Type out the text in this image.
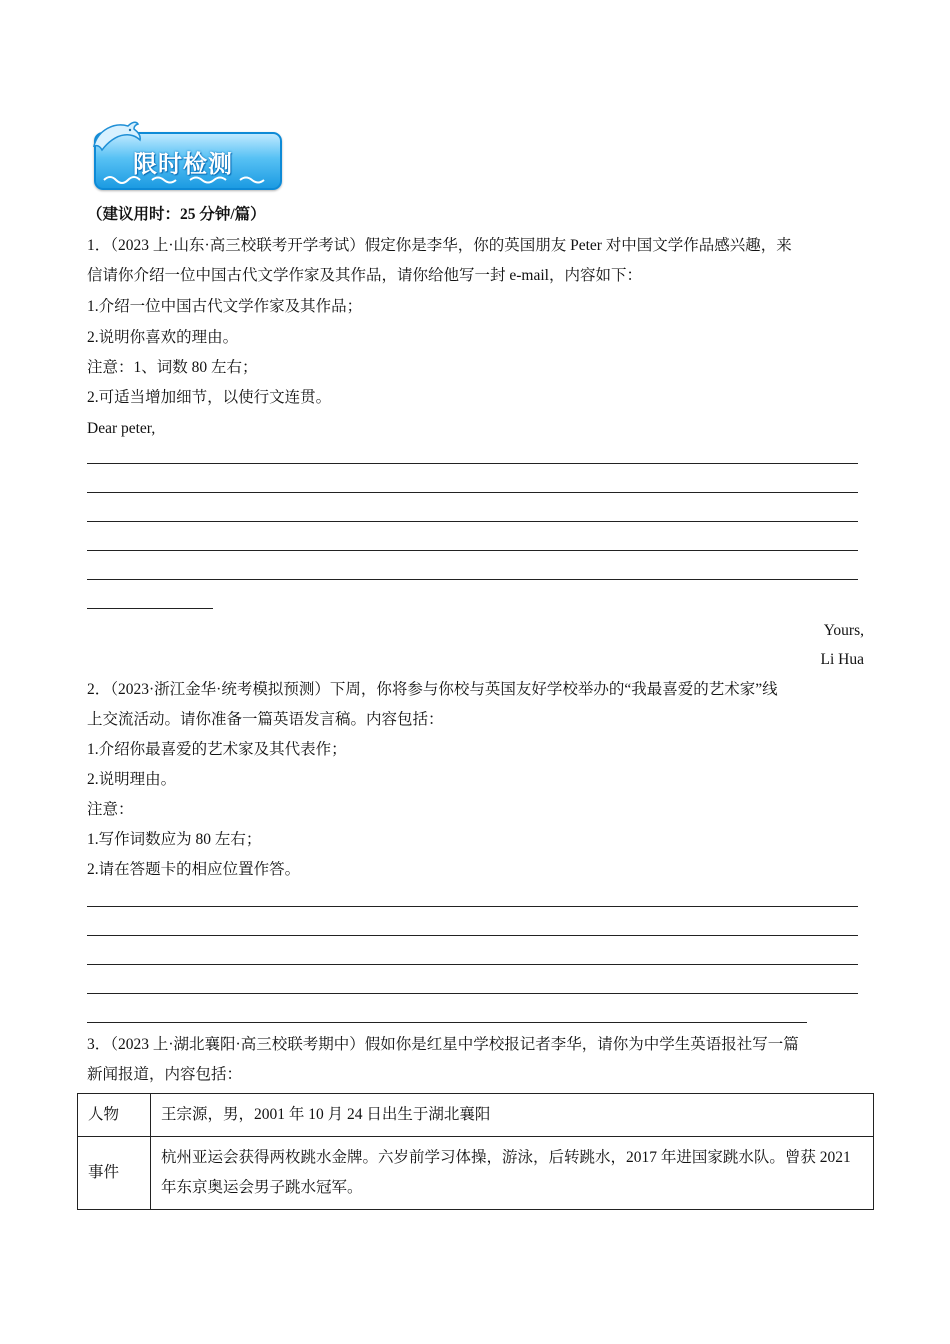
限时检测
（建议用时：25 分钟/篇）
1．（2023 上·山东·高三校联考开学考试）假定你是李华，你的英国朋友 Peter 对中国文学作品感兴趣，来
信请你介绍一位中国古代文学作家及其作品，请你给他写一封 e-mail，内容如下：
1.介绍一位中国古代文学作家及其作品；
2.说明你喜欢的理由。
注意：1、词数 80 左右；
2.可适当增加细节，以使行文连贯。
Dear peter,
Yours,
Li Hua
2．（2023·浙江金华·统考模拟预测）下周，你将参与你校与英国友好学校举办的“我最喜爱的艺术家”线
上交流活动。请你准备一篇英语发言稿。内容包括：
1.介绍你最喜爱的艺术家及其代表作；
2.说明理由。
注意：
1.写作词数应为 80 左右；
2.请在答题卡的相应位置作答。
3．（2023 上·湖北襄阳·高三校联考期中）假如你是红星中学校报记者李华，请你为中学生英语报社写一篇
新闻报道，内容包括：
人物	王宗源，男，2001 年 10 月 24 日出生于湖北襄阳
事件	杭州亚运会获得两枚跳水金牌。六岁前学习体操，游泳，后转跳水，2017 年进国家跳水队。曾获 2021 年东京奥运会男子跳水冠军。
